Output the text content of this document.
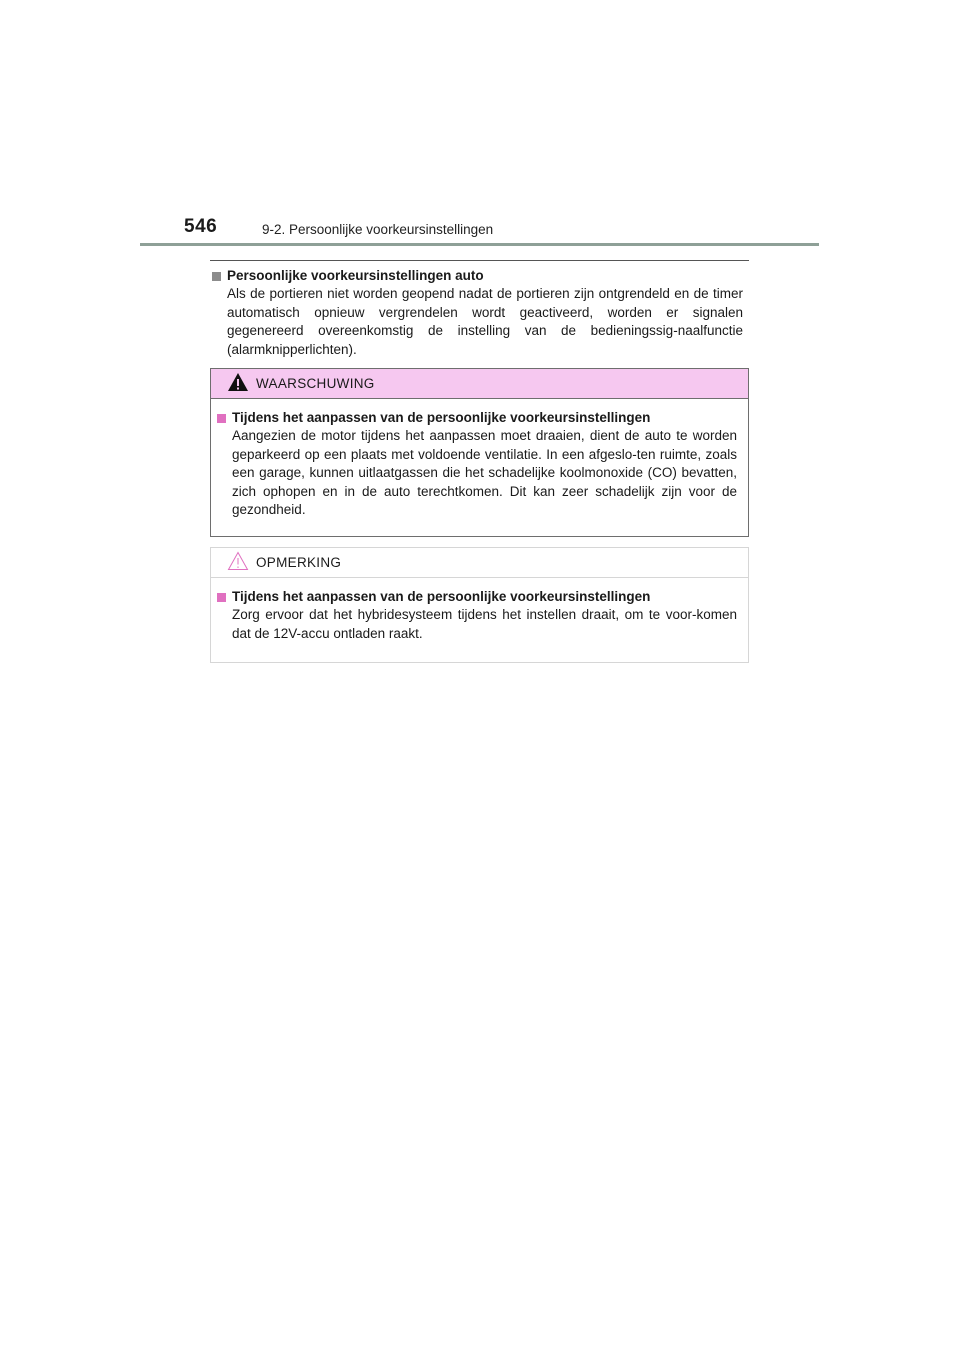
546	9-2. Persoonlijke voorkeursinstellingen
Persoonlijke voorkeursinstellingen auto
Als de portieren niet worden geopend nadat de portieren zijn ontgrendeld en de timer automatisch opnieuw vergrendelen wordt geactiveerd, worden er signalen gegenereerd overeenkomstig de instelling van de bedieningssig-naalfunctie (alarmknipperlichten).
WAARSCHUWING
Tijdens het aanpassen van de persoonlijke voorkeursinstellingen
Aangezien de motor tijdens het aanpassen moet draaien, dient de auto te worden geparkeerd op een plaats met voldoende ventilatie. In een afgeslo-ten ruimte, zoals een garage, kunnen uitlaatgassen die het schadelijke koolmonoxide (CO) bevatten, zich ophopen en in de auto terechtkomen. Dit kan zeer schadelijk zijn voor de gezondheid.
OPMERKING
Tijdens het aanpassen van de persoonlijke voorkeursinstellingen
Zorg ervoor dat het hybridesysteem tijdens het instellen draait, om te voor-komen dat de 12V-accu ontladen raakt.
